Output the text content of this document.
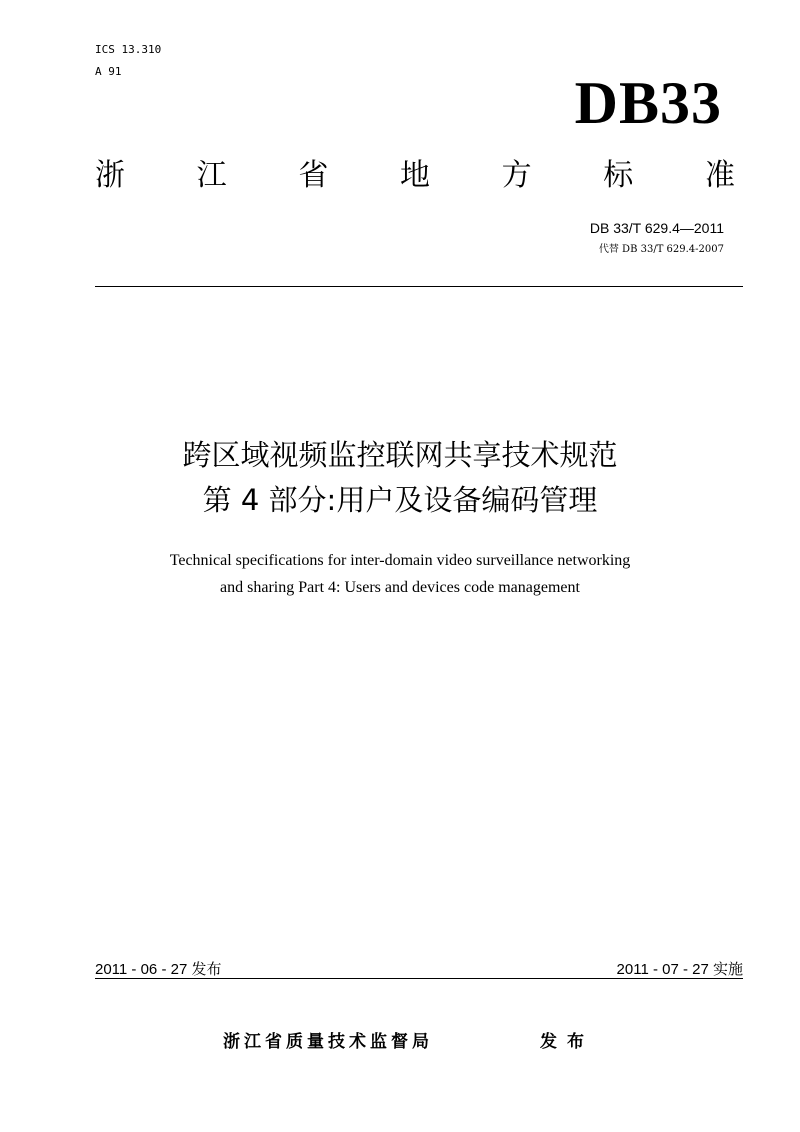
ICS 13.310
A 91	DB33
浙 江 省 地 方 标 准
DB 33/T 629.4—2011
代替 DB 33/T 629.4-2007
跨区域视频监控联网共享技术规范
第 4 部分:用户及设备编码管理
Technical specifications for inter-domain video surveillance networking
and sharing Part 4: Users and devices code management
2011 - 06 - 27 发布	2011 - 07 - 27 实施
浙江省质量技术监督局	发布
